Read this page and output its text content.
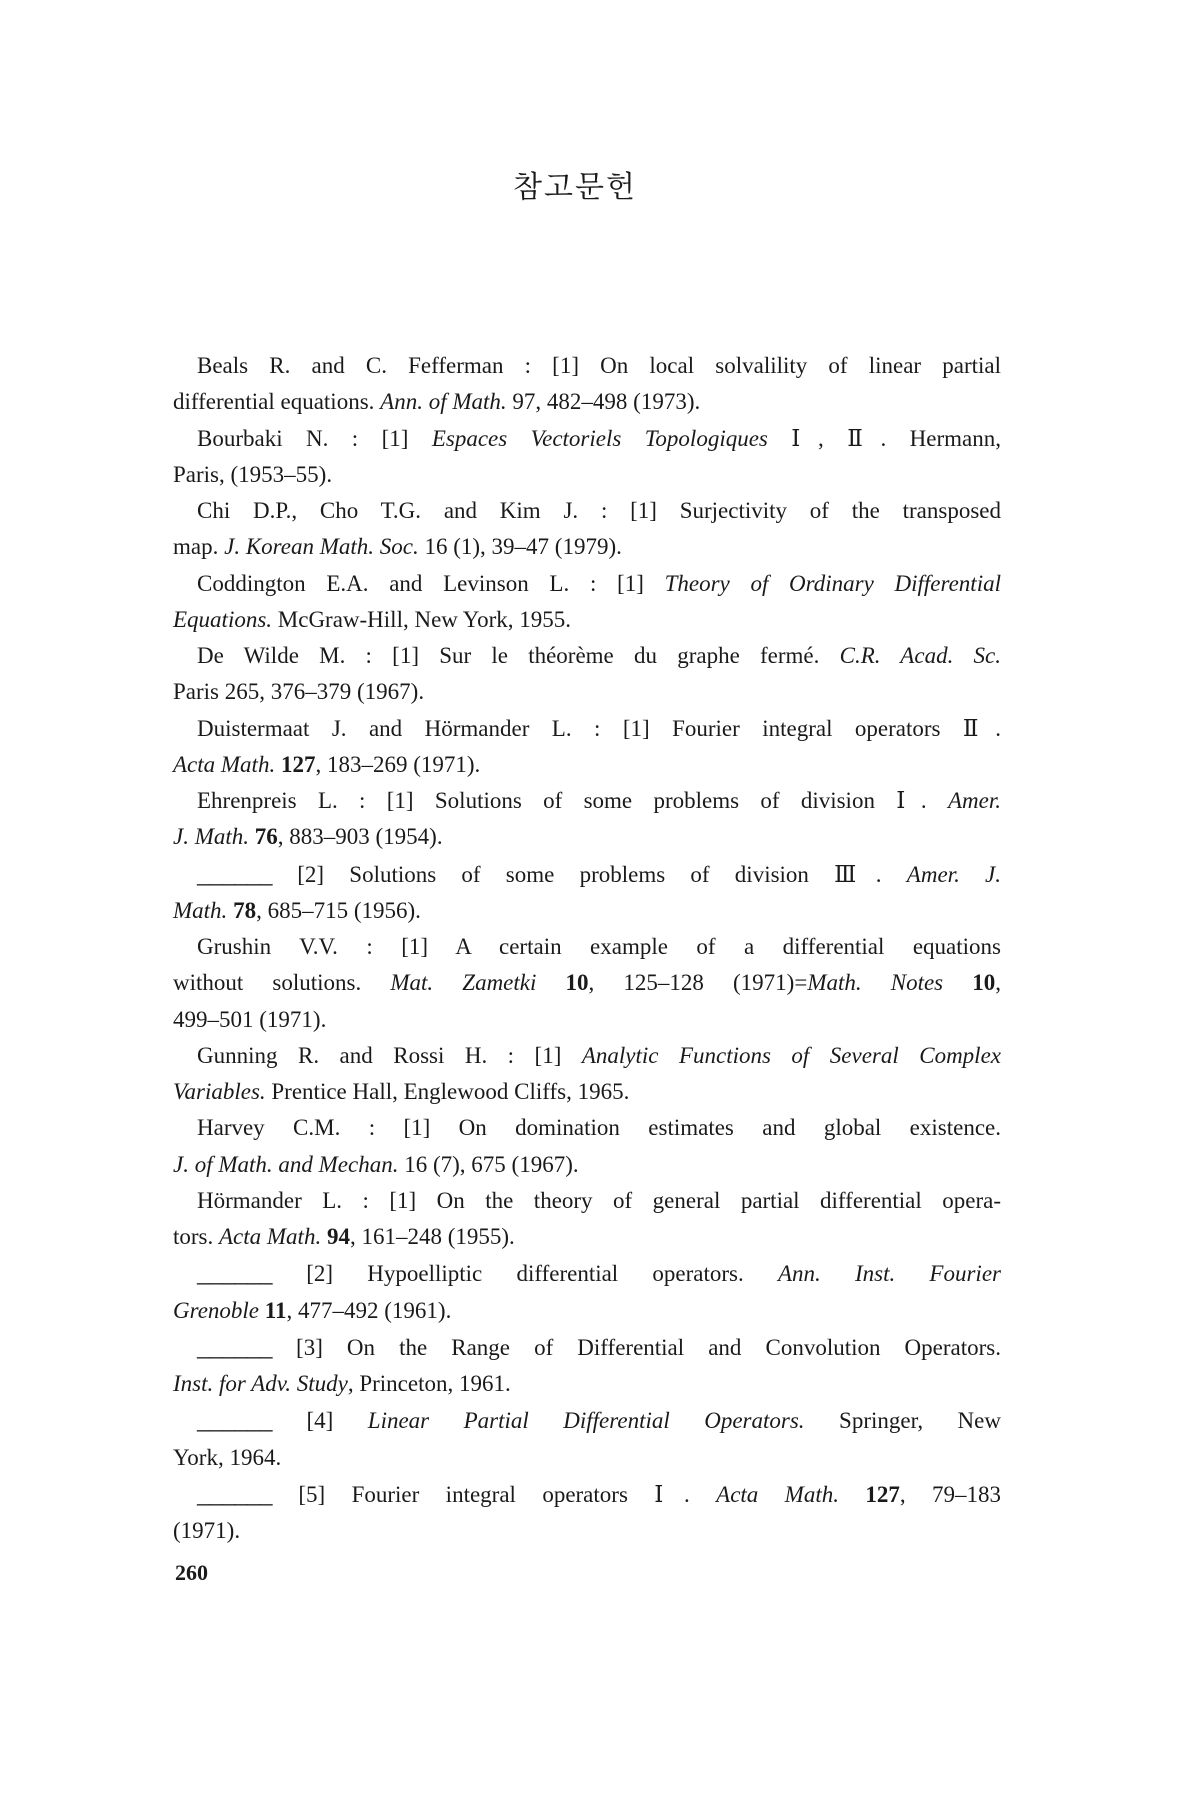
참고문헌
Beals R. and C. Fefferman : [1] On local solvalility of linear partial
differential equations. Ann. of Math. 97, 482–498 (1973).
Bourbaki N. : [1] Espaces Vectoriels Topologiques Ⅰ, Ⅱ. Hermann,
Paris, (1953–55).
Chi D.P., Cho T.G. and Kim J. : [1] Surjectivity of the transposed
map. J. Korean Math. Soc. 16 (1), 39–47 (1979).
Coddington E.A. and Levinson L. : [1] Theory of Ordinary Differential
Equations. McGraw-Hill, New York, 1955.
De Wilde M. : [1] Sur le théorème du graphe fermé. C.R. Acad. Sc.
Paris 265, 376–379 (1967).
Duistermaat J. and Hörmander L. : [1] Fourier integral operators Ⅱ.
Acta Math. 127, 183–269 (1971).
Ehrenpreis L. : [1] Solutions of some problems of division Ⅰ. Amer.
J. Math. 76, 883–903 (1954).
______ [2] Solutions of some problems of division Ⅲ. Amer. J.
Math. 78, 685–715 (1956).
Grushin V.V. : [1] A certain example of a differential equations
without solutions. Mat. Zametki 10, 125–128 (1971)=Math. Notes 10,
499–501 (1971).
Gunning R. and Rossi H. : [1] Analytic Functions of Several Complex
Variables. Prentice Hall, Englewood Cliffs, 1965.
Harvey C.M. : [1] On domination estimates and global existence.
J. of Math. and Mechan. 16 (7), 675 (1967).
Hörmander L. : [1] On the theory of general partial differential opera-
tors. Acta Math. 94, 161–248 (1955).
______ [2] Hypoelliptic differential operators. Ann. Inst. Fourier
Grenoble 11, 477–492 (1961).
______ [3] On the Range of Differential and Convolution Operators.
Inst. for Adv. Study, Princeton, 1961.
______ [4] Linear Partial Differential Operators. Springer, New
York, 1964.
______ [5] Fourier integral operators Ⅰ. Acta Math. 127, 79–183
(1971).
260
